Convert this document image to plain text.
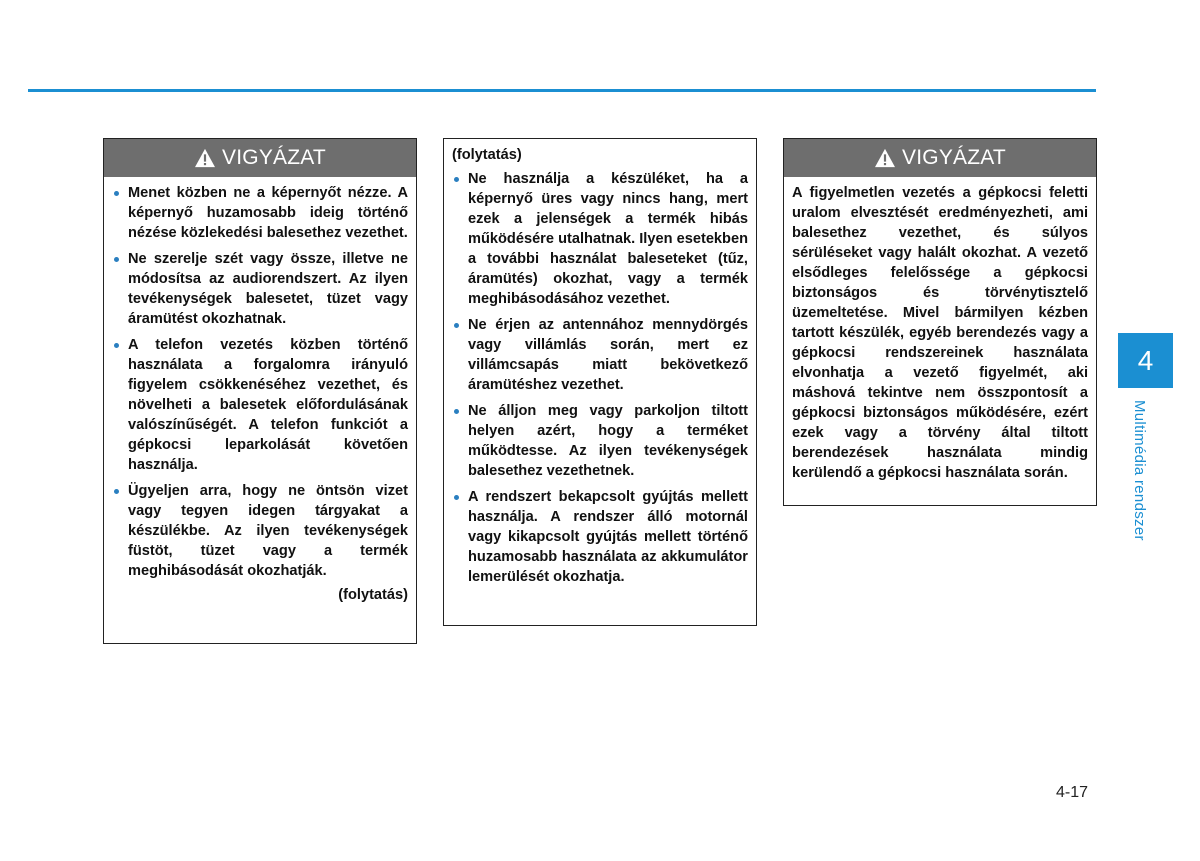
VIGYÁZAT
Menet közben ne a képernyőt nézze. A képernyő huzamosabb ideig történő nézése közlekedési balesethez vezethet.
Ne szerelje szét vagy össze, illetve ne módosítsa az audiorendszert. Az ilyen tevékenységek balesetet, tüzet vagy áramütést okozhatnak.
A telefon vezetés közben történő használata a forgalomra irányuló figyelem csökkenéséhez vezethet, és növelheti a balesetek előfordulásának valószínűségét. A telefon funkciót a gépkocsi leparkolását követően használja.
Ügyeljen arra, hogy ne öntsön vizet vagy tegyen idegen tárgyakat a készülékbe. Az ilyen tevékenységek füstöt, tüzet vagy a termék meghibásodását okozhatják.
(folytatás)
(folytatás)
Ne használja a készüléket, ha a képernyő üres vagy nincs hang, mert ezek a jelenségek a termék hibás működésére utalhatnak. Ilyen esetekben a további használat baleseteket (tűz, áramütés) okozhat, vagy a termék meghibásodásához vezethet.
Ne érjen az antennához mennydörgés vagy villámlás során, mert ez villámcsapás miatt bekövetkező áramütéshez vezethet.
Ne álljon meg vagy parkoljon tiltott helyen azért, hogy a terméket működtesse. Az ilyen tevékenységek balesethez vezethetnek.
A rendszert bekapcsolt gyújtás mellett használja. A rendszer álló motornál vagy kikapcsolt gyújtás mellett történő huzamosabb használata az akkumulátor lemerülését okozhatja.
VIGYÁZAT
A figyelmetlen vezetés a gépkocsi feletti uralom elvesztését eredményezheti, ami balesethez vezethet, és súlyos sérüléseket vagy halált okozhat. A vezető elsődleges felelőssége a gépkocsi biztonságos és törvénytisztelő üzemeltetése. Mivel bármilyen kézben tartott készülék, egyéb berendezés vagy a gépkocsi rendszereinek használata elvonhatja a vezető figyelmét, aki máshová tekintve nem összpontosít a gépkocsi biztonságos működésére, ezért ezek vagy a törvény által tiltott berendezések használata mindig kerülendő a gépkocsi használata során.
4
Multimédia rendszer
4-17
